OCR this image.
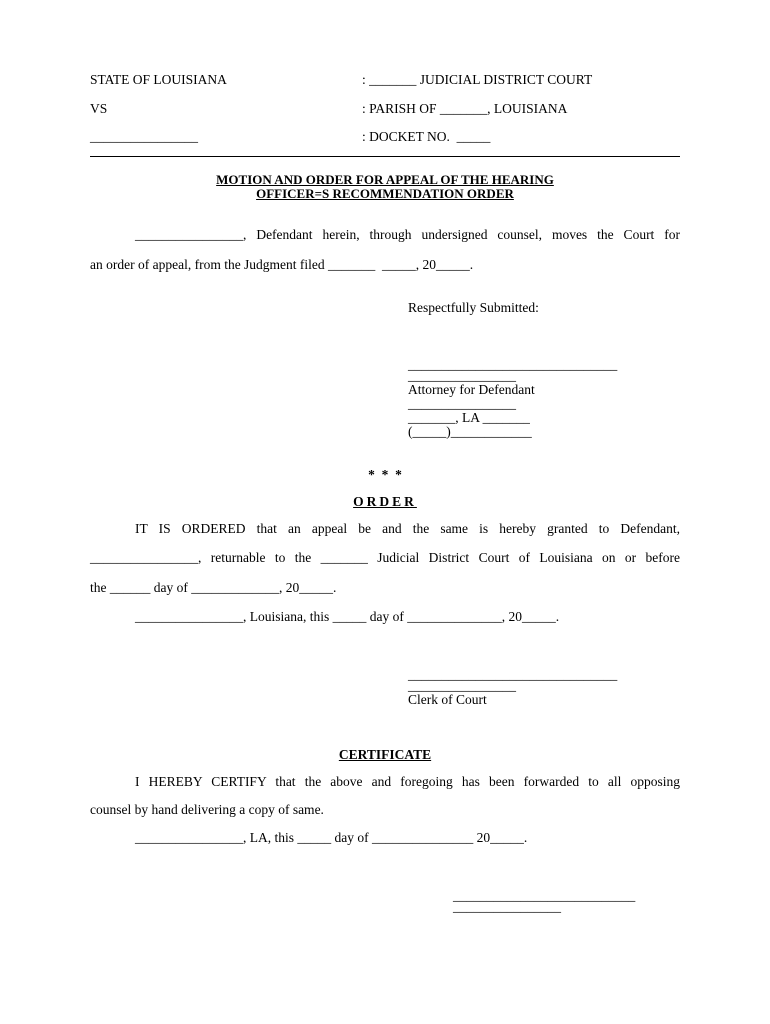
STATE OF LOUISIANA	: _______ JUDICIAL DISTRICT COURT
VS	: PARISH OF _______, LOUISIANA
________________	: DOCKET NO.  _____
MOTION AND ORDER FOR APPEAL OF THE HEARING
OFFICER=S RECOMMENDATION ORDER
________________, Defendant herein, through undersigned counsel, moves the Court for
an order of appeal, from the Judgment filed _______  _____, 20_____.
Respectfully Submitted:
_______________________________
________________
Attorney for Defendant
________________
_______, LA _______
(_____)____________
*  *  *
ORDER
IT IS ORDERED that an appeal be and the same is hereby granted to Defendant,
________________, returnable to the _______ Judicial District Court of Louisiana on or before
the ______ day of _____________, 20_____.
________________, Louisiana, this _____ day of ______________, 20_____.
_______________________________
________________
Clerk of Court
CERTIFICATE
I HEREBY CERTIFY that the above and foregoing has been forwarded to all opposing
counsel by hand delivering a copy of same.
________________, LA, this _____ day of _______________ 20_____.
___________________________
________________
